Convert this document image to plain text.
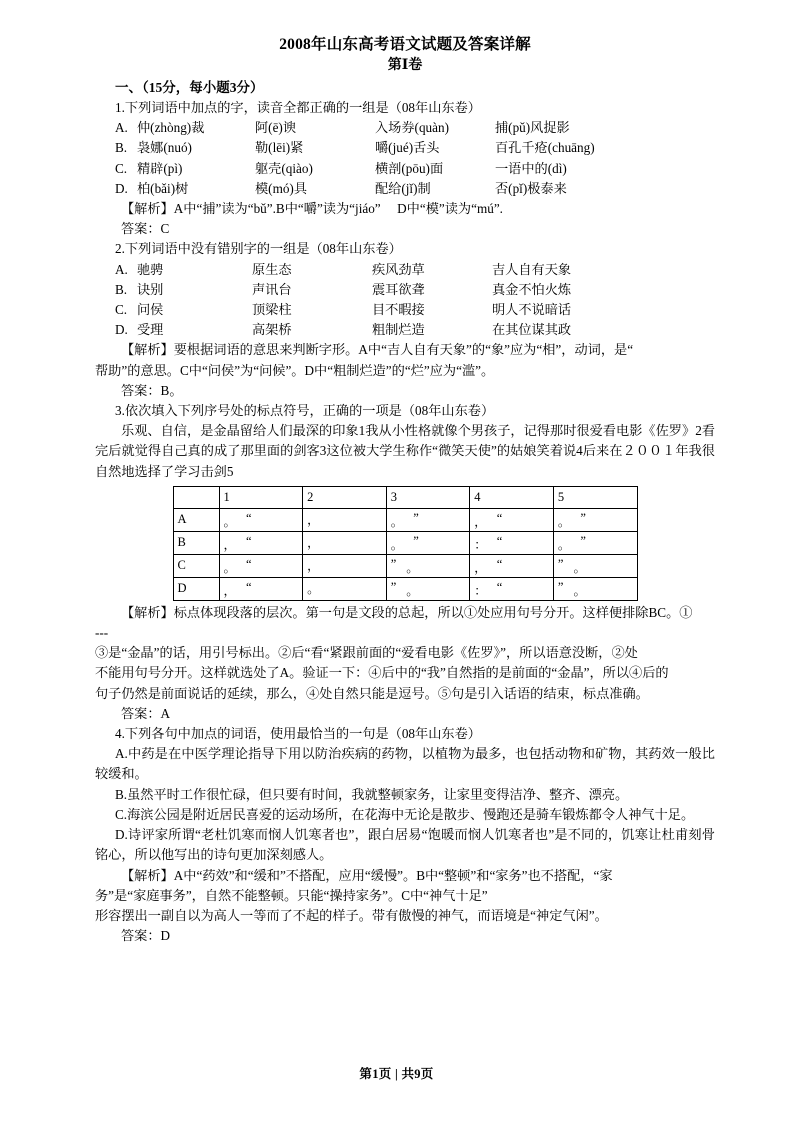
2008年山东高考语文试题及答案详解
第Ⅰ卷
一、（15分，每小题3分）

1.下列词语中加点的字，读音全都正确的一组是（08年山东卷）

A. 仲(zhòng)裁	阿(ē)谀	入场券(quàn)	捕(pǔ)风捉影
B. 袅娜(nuó)	勒(lēi)紧	嚼(jué)舌头	百孔千疮(chuāng)
C. 精辟(pì)	躯壳(qiào)	横剖(pōu)面	一语中的(dì)
D. 柏(bǎi)树	模(mó)具	配给(jǐ)制	否(pǐ)极泰来

【解析】A中“捕”读为“bǔ”.B中“嚼”读为“jiáo”　 D中“模”读为“mú”.

答案：C

2.下列词语中没有错别字的一组是（08年山东卷）

A. 驰骋	原生态	疾风劲草	吉人自有天象
B. 诀别	声讯台	震耳欲聋	真金不怕火炼
C. 问侯	顶梁柱	目不暇接	明人不说暗话
D. 受理	高架桥	粗制烂造	在其位谋其政

【解析】要根据词语的意思来判断字形。A中“吉人自有天象”的“象”应为“相”，动词，是“

帮助”的意思。C中“问侯”为“问候”。D中“粗制烂造”的“烂”应为“滥”。

答案：B。

3.依次填入下列序号处的标点符号，正确的一项是（08年山东卷）

乐观、自信，是金晶留给人们最深的印象1我从小性格就像个男孩子，记得那时很爱看电影《佐罗》2看完后就觉得自己真的成了那里面的剑客3这位被大学生称作“微笑天使”的姑娘笑着说4后来在２００１年我很自然地选择了学习击剑5

	1	2	3	4	5
A	。 “	，	。 ”	， “	。 ”
B	， “	，	。 ”	： “	。 ”
C	。 “	，	” 。	， “	” 。
D	， “	。	” 。	： “	” 。

【解析】标点体现段落的层次。第一句是文段的总起，所以①处应用句号分开。这样便排除BC。①

---

③是“金晶”的话，用引号标出。②后“看“紧跟前面的“爱看电影《佐罗》”，所以语意没断，②处

不能用句号分开。这样就选处了A。验证一下：④后中的“我”自然指的是前面的“金晶”，所以④后的

句子仍然是前面说话的延续，那么，④处自然只能是逗号。⑤句是引入话语的结束，标点准确。

答案：A

4.下列各句中加点的词语，使用最恰当的一句是（08年山东卷）

A.中药是在中医学理论指导下用以防治疾病的药物，以植物为最多，也包括动物和矿物，其药效一般比较缓和。

B.虽然平时工作很忙碌，但只要有时间，我就整顿家务，让家里变得洁净、整齐、漂亮。

C.海滨公园是附近居民喜爱的运动场所，在花海中无论是散步、慢跑还是骑车锻炼都令人神气十足。

D.诗评家所谓“老杜饥寒而悯人饥寒者也”，跟白居易“饱暖而悯人饥寒者也”是不同的，饥寒让杜甫刻骨铭心，所以他写出的诗句更加深刻感人。

【解析】A中“药效”和“缓和”不搭配，应用“缓慢”。B中“整顿”和“家务”也不搭配，“家

务”是“家庭事务”，自然不能整顿。只能“操持家务”。C中“神气十足”

形容摆出一副自以为高人一等而了不起的样子。带有傲慢的神气，而语境是“神定气闲”。

答案：D

第1页 | 共9页
